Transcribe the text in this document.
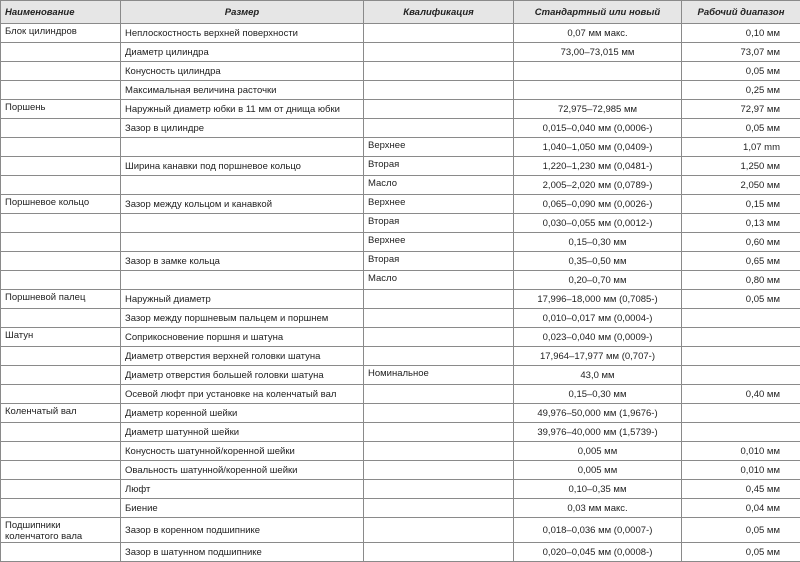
Наименование	Размер	Квалификация	Стандартный или новый	Рабочий диапазон
Блок цилиндров	Неплоскостность верхней поверхности		0,07 мм макс.	0,10 мм
	Диаметр цилиндра		73,00–73,015 мм	73,07 мм
	Конусность цилиндра			0,05 мм
	Максимальная величина расточки			0,25 мм
Поршень	Наружный диаметр юбки в 11 мм от днища юбки		72,975–72,985 мм	72,97 мм
	Зазор в цилиндре		0,015–0,040 мм (0,0006-)	0,05 мм
		Верхнее	1,040–1,050 мм (0,0409-)	1,07 mm
	Ширина канавки под поршневое кольцо	Вторая	1,220–1,230 мм (0,0481-)	1,250 мм
		Масло	2,005–2,020 мм (0,0789-)	2,050 мм
Поршневое кольцо	Зазор между кольцом и канавкой	Верхнее	0,065–0,090 мм (0,0026-)	0,15 мм
		Вторая	0,030–0,055 мм (0,0012-)	0,13 мм
		Верхнее	0,15–0,30 мм	0,60 мм
	Зазор в замке кольца	Вторая	0,35–0,50 мм	0,65 мм
		Масло	0,20–0,70 мм	0,80 мм
Поршневой палец	Наружный диаметр		17,996–18,000 мм (0,7085-)	0,05 мм
	Зазор между поршневым пальцем и поршнем		0,010–0,017 мм (0,0004-)	
Шатун	Соприкосновение поршня и шатуна		0,023–0,040 мм (0,0009-)	
	Диаметр отверстия верхней головки шатуна		17,964–17,977 мм (0,707-)	
	Диаметр отверстия большей головки шатуна	Номинальное	43,0 мм	
	Осевой люфт при установке на коленчатый вал		0,15–0,30 мм	0,40 мм
Коленчатый вал	Диаметр коренной шейки		49,976–50,000 мм (1,9676-)	
	Диаметр шатунной шейки		39,976–40,000 мм (1,5739-)	
	Конусность шатунной/коренной шейки		0,005 мм	0,010 мм
	Овальность шатунной/коренной шейки		0,005 мм	0,010 мм
	Люфт		0,10–0,35 мм	0,45 мм
	Биение		0,03 мм макс.	0,04 мм
Подшипники коленчатого вала	Зазор в коренном подшипнике		0,018–0,036 мм (0,0007-)	0,05 мм
	Зазор в шатунном подшипнике		0,020–0,045 мм (0,0008-)	0,05 мм
